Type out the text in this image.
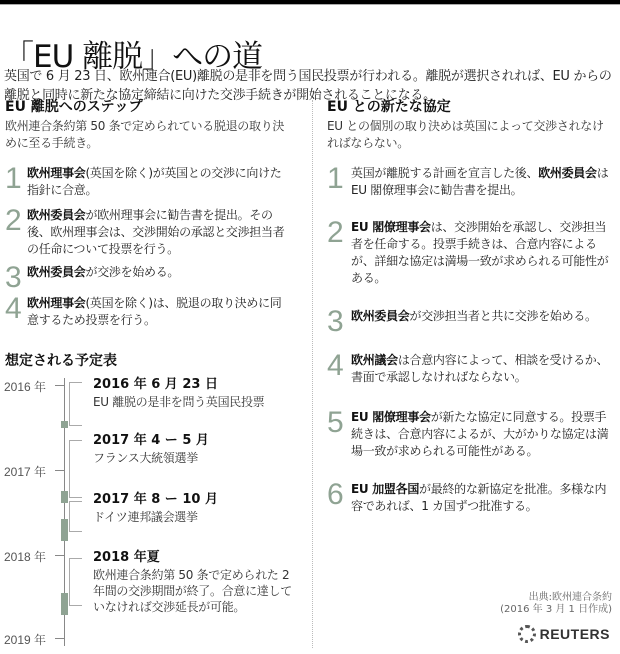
「EU 離脱」への道

英国で 6 月 23 日、欧州連合(EU)離脱の是非を問う国民投票が行われる。離脱が選択されれば、EU からの離脱と同時に新たな協定締結に向けた交渉手続きが開始されることになる。

EU 離脱へのステップ

欧州連合条約第 50 条で定められている脱退の取り決めに至る手続き。

1 欧州理事会(英国を除く)が英国との交渉に向けた指針に合意。
2 欧州委員会が欧州理事会に勧告書を提出。その後、欧州理事会は、交渉開始の承認と交渉担当者の任命について投票を行う。
3 欧州委員会が交渉を始める。
4 欧州理事会(英国を除く)は、脱退の取り決めに同意するため投票を行う。
想定される予定表
2016 年
2017 年
2018 年
2019 年
2016 年 6 月 23 日
EU 離脱の是非を問う英国民投票
2017 年 4 ー 5 月
フランス大統領選挙
2017 年 8 ー 10 月
ドイツ連邦議会選挙
2018 年夏
欧州連合条約第 50 条で定められた 2 年間の交渉期間が終了。合意に達していなければ交渉延長が可能。
EU との新たな協定

EU との個別の取り決めは英国によって交渉されなければならない。

1 英国が離脱する計画を宣言した後、欧州委員会は EU 閣僚理事会に勧告書を提出。
2 EU 閣僚理事会は、交渉開始を承認し、交渉担当者を任命する。投票手続きは、合意内容によるが、詳細な協定は満場一致が求められる可能性がある。
3 欧州委員会が交渉担当者と共に交渉を始める。
4 欧州議会は合意内容によって、相談を受けるか、書面で承認しなければならない。
5 EU 閣僚理事会が新たな協定に同意する。投票手続きは、合意内容によるが、大がかりな協定は満場一致が求められる可能性がある。
6 EU 加盟各国が最終的な新協定を批准。多様な内容であれば、1 カ国ずつ批准する。
出典:欧州連合条約
(2016 年 3 月 1 日作成)
REUTERS
